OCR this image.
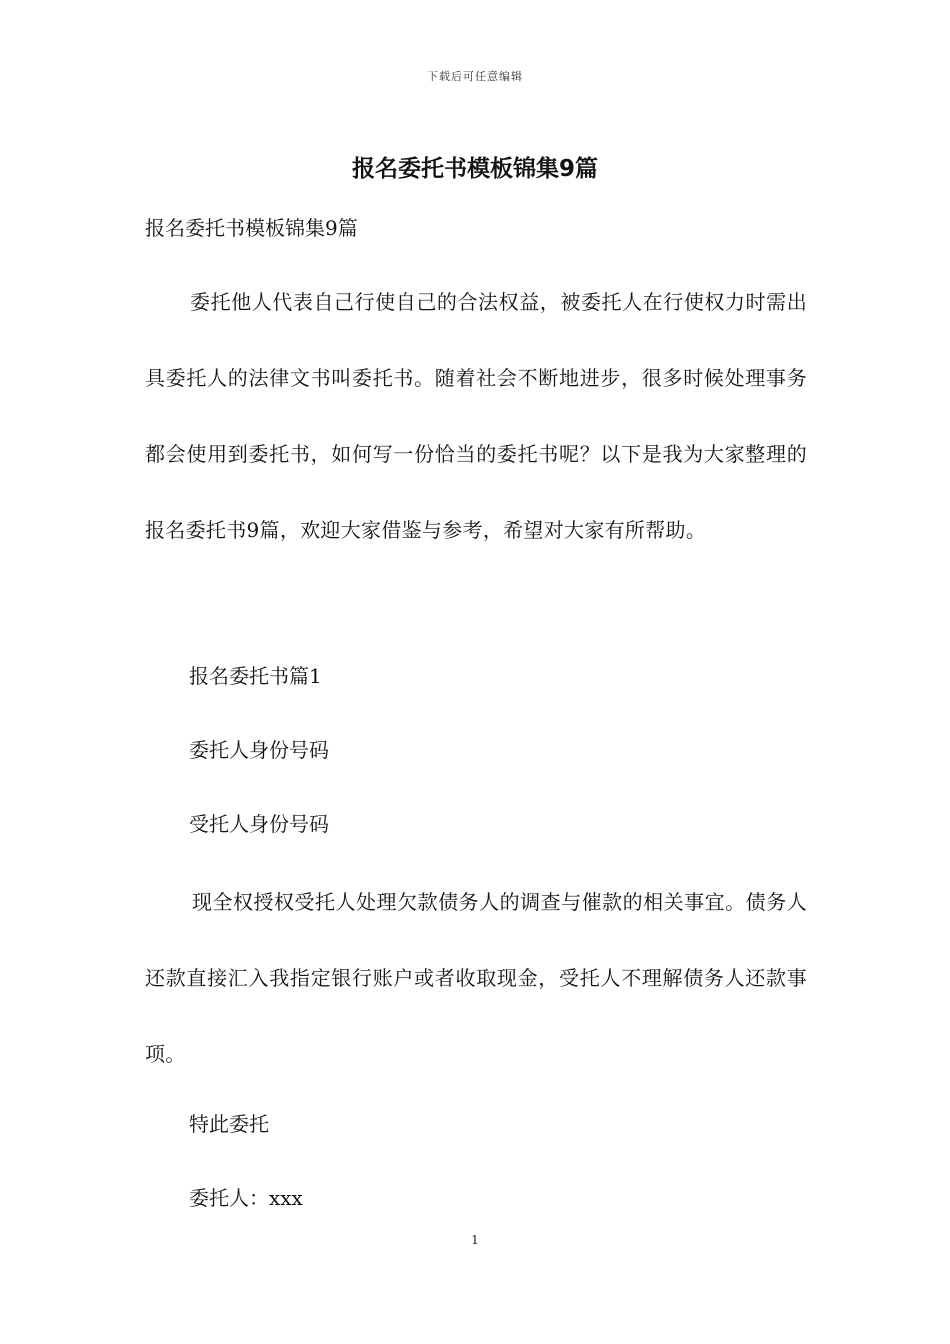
下载后可任意编辑
报名委托书模板锦集9篇
报名委托书模板锦集9篇
委托他人代表自己行使自己的合法权益，被委托人在行使权力时需出具委托人的法律文书叫委托书。随着社会不断地进步，很多时候处理事务都会使用到委托书，如何写一份恰当的委托书呢？以下是我为大家整理的报名委托书9篇，欢迎大家借鉴与参考，希望对大家有所帮助。
报名委托书篇1
委托人身份号码
受托人身份号码
现全权授权受托人处理欠款债务人的调查与催款的相关事宜。债务人还款直接汇入我指定银行账户或者收取现金，受托人不理解债务人还款事项。
特此委托
委托人：xxx
1
